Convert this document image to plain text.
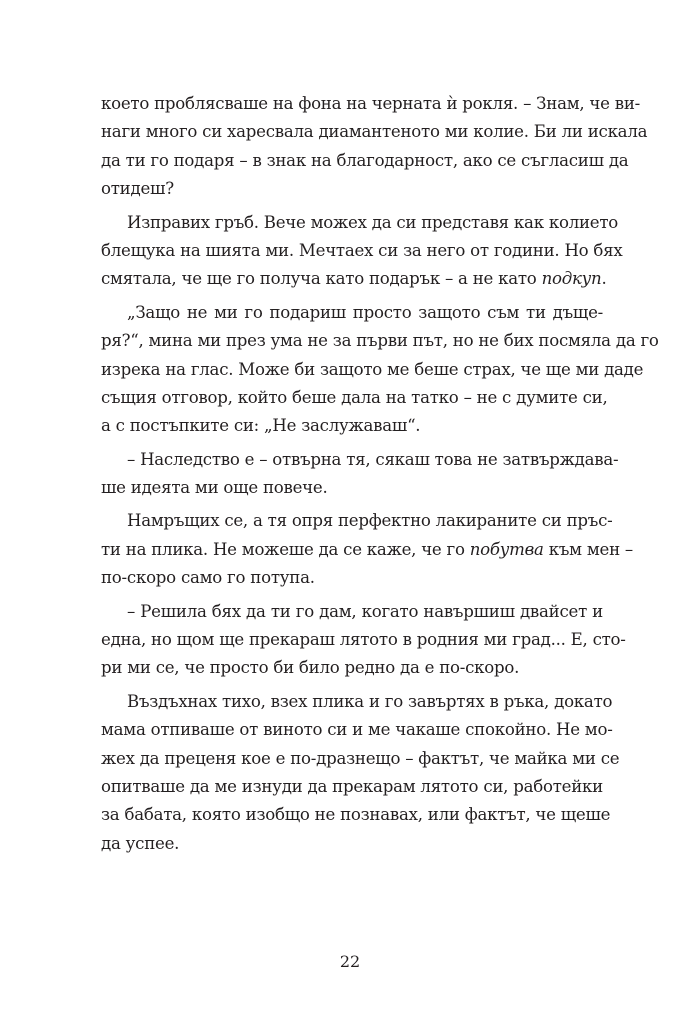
което проблясваше на фона на черната ѝ рокля. – Знам, че ви-
наги много си харесвала диамантеното ми колие. Би ли искала
да ти го подаря – в знак на благодарност, ако се съгласиш да
отидеш?
Изправих гръб. Вече можех да си представя как колието
блещука на шията ми. Мечтаех си за него от години. Но бях
смятала, че ще го получа като подарък – а не като подкуп.
„Защо не ми го подариш просто защото съм ти дъще-
ря?“, мина ми през ума не за първи път, но не бих посмяла да го
изрека на глас. Може би защото ме беше страх, че ще ми даде
същия отговор, който беше дала на татко – не с думите си,
а с постъпките си: „Не заслужаваш“.
– Наследство е – отвърна тя, сякаш това не затвърждава-
ше идеята ми още повече.
Намръщих се, а тя опря перфектно лакираните си пръс-
ти на плика. Не можеше да се каже, че го побутва към мен –
по-скоро само го потупа.
– Решила бях да ти го дам, когато навършиш двайсет и
една, но щом ще прекараш лятото в родния ми град... Е, сто-
ри ми се, че просто би било редно да е по-скоро.
Въздъхнах тихо, взех плика и го завъртях в ръка, докато
мама отпиваше от виното си и ме чакаше спокойно. Не мо-
жех да преценя кое е по-дразнещо – фактът, че майка ми се
опитваше да ме изнуди да прекарам лятото си, работейки
за бабата, която изобщо не познавах, или фактът, че щеше
да успее.
22
